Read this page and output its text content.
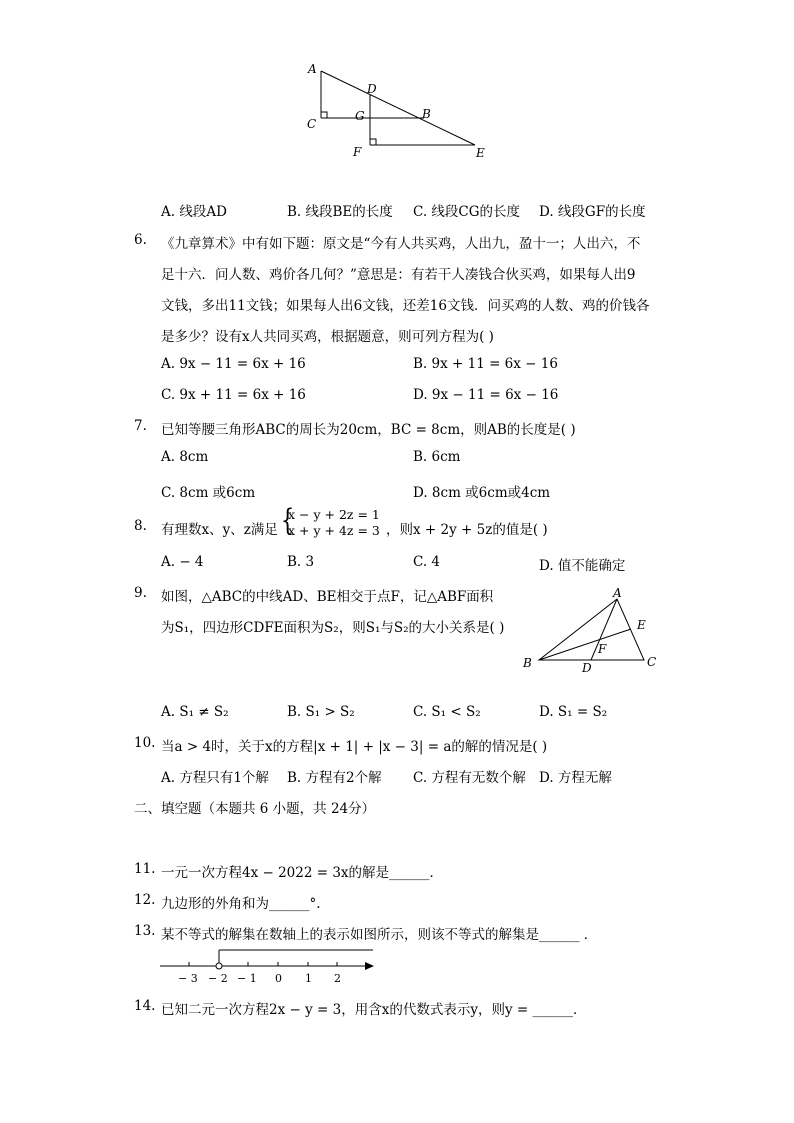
A
D
C
G	B
F	E
A. 线段AD	B. 线段BE的长度 C. 线段CG的长度 D. 线段GF的长度
6. 《九章算术》中有如下题：原文是“今有人共买鸡，人出九，盈十一；人出六，不
足十六．问人数、鸡价各几何？”意思是：有若干人凑钱合伙买鸡，如果每人出9
文钱，多出11文钱；如果每人出6文钱，还差16文钱．问买鸡的人数、鸡的价钱各
是多少？设有x人共同买鸡，根据题意，则可列方程为( )
A. 9x − 11 = 6x + 16	B. 9x + 11 = 6x − 16
C. 9x + 11 = 6x + 16	D. 9x − 11 = 6x − 16
7. 已知等腰三角形ABC的周长为20cm，BC = 8cm，则AB的长度是( )
A. 8cm	B. 6cm
C. 8cm 或6cm	D. 8cm 或6cm或4cm
8. 有理数x、y、z满足 {
x − y + 2z = 1
x + y + 4z = 3 ，则x + 2y + 5z的值是( )
A. − 4	B. 3	C. 4	D. 值不能确定
9. 如图，△ABC的中线AD、BE相交于点F，记△ABF面积
为S₁，四边形CDFE面积为S₂，则S₁与S₂的大小关系是( )
A
E
F
B	D	C
A. S₁ ≠ S₂	B. S₁ > S₂	C. S₁ < S₂	D. S₁ = S₂
10. 当a > 4时，关于x的方程|x + 1| + |x − 3| = a的解的情况是( )
A. 方程只有1个解 B. 方程有2个解 C. 方程有无数个解 D. 方程无解
二、填空题（本题共 6 小题，共 24分）
11. 一元一次方程4x − 2022 = 3x的解是______．
12. 九边形的外角和为______°.
13. 某不等式的解集在数轴上的表示如图所示，则该不等式的解集是______ ．
− 3 − 2 − 1 0 1 2
14. 已知二元一次方程2x − y = 3，用含x的代数式表示y，则y = ______．
